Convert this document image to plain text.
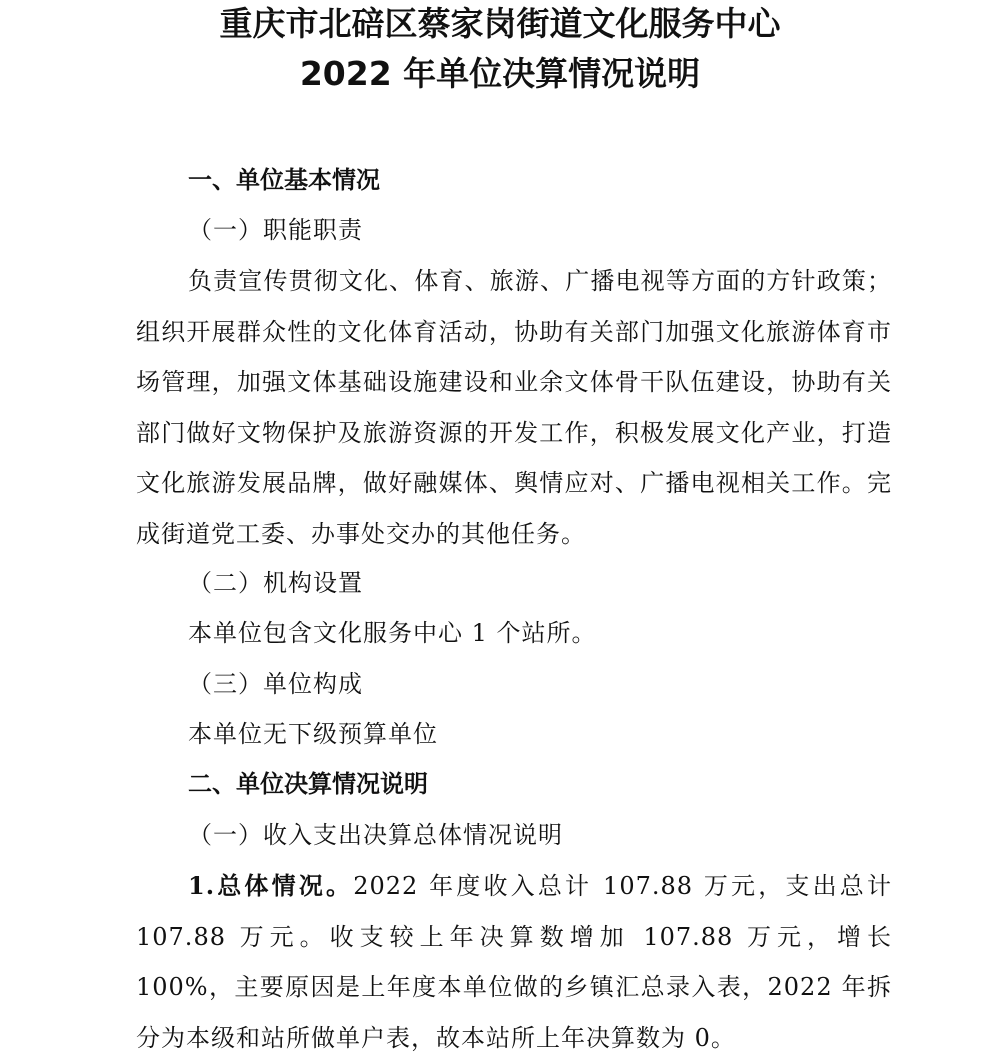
重庆市北碚区蔡家岗街道文化服务中心
2022 年单位决算情况说明

一、单位基本情况

（一）职能职责

负责宣传贯彻文化、体育、旅游、广播电视等方面的方针政策；组织开展群众性的文化体育活动，协助有关部门加强文化旅游体育市场管理，加强文体基础设施建设和业余文体骨干队伍建设，协助有关部门做好文物保护及旅游资源的开发工作，积极发展文化产业，打造文化旅游发展品牌，做好融媒体、舆情应对、广播电视相关工作。完成街道党工委、办事处交办的其他任务。

（二）机构设置

本单位包含文化服务中心 1 个站所。

（三）单位构成

本单位无下级预算单位

二、单位决算情况说明

（一）收入支出决算总体情况说明

1.总体情况。2022 年度收入总计 107.88 万元，支出总计 107.88 万元。收支较上年决算数增加 107.88 万元，增长 100%，主要原因是上年度本单位做的乡镇汇总录入表，2022 年拆分为本级和站所做单户表，故本站所上年决算数为 0。
